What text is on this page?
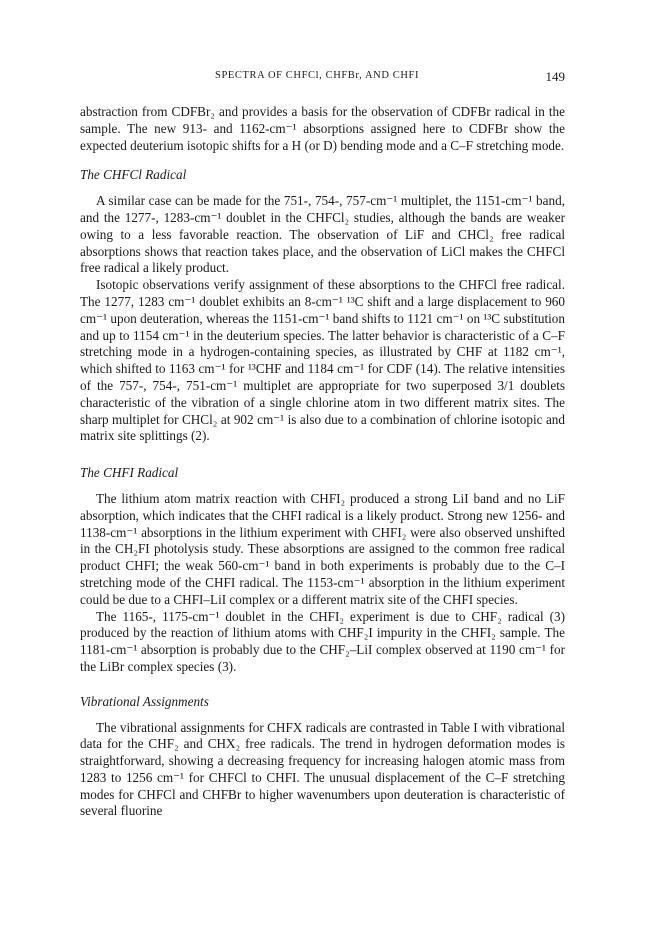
SPECTRA OF CHFCl, CHFBr, AND CHFI	149

abstraction from CDFBr₂ and provides a basis for the observation of CDFBr radical in the sample. The new 913- and 1162-cm⁻¹ absorptions assigned here to CDFBr show the expected deuterium isotopic shifts for a H (or D) bending mode and a C–F stretching mode.

The CHFCl Radical

A similar case can be made for the 751-, 754-, 757-cm⁻¹ multiplet, the 1151-cm⁻¹ band, and the 1277-, 1283-cm⁻¹ doublet in the CHFCl₂ studies, although the bands are weaker owing to a less favorable reaction. The observation of LiF and CHCl₂ free radical absorptions shows that reaction takes place, and the observation of LiCl makes the CHFCl free radical a likely product.

Isotopic observations verify assignment of these absorptions to the CHFCl free radical. The 1277, 1283 cm⁻¹ doublet exhibits an 8-cm⁻¹ ¹³C shift and a large displacement to 960 cm⁻¹ upon deuteration, whereas the 1151-cm⁻¹ band shifts to 1121 cm⁻¹ on ¹³C substitution and up to 1154 cm⁻¹ in the deuterium species. The latter behavior is characteristic of a C–F stretching mode in a hydrogen-containing species, as illustrated by CHF at 1182 cm⁻¹, which shifted to 1163 cm⁻¹ for ¹³CHF and 1184 cm⁻¹ for CDF (14). The relative intensities of the 757-, 754-, 751-cm⁻¹ multiplet are appropriate for two superposed 3/1 doublets characteristic of the vibration of a single chlorine atom in two different matrix sites. The sharp multiplet for CHCl₂ at 902 cm⁻¹ is also due to a combination of chlorine isotopic and matrix site splittings (2).

The CHFI Radical

The lithium atom matrix reaction with CHFI₂ produced a strong LiI band and no LiF absorption, which indicates that the CHFI radical is a likely product. Strong new 1256- and 1138-cm⁻¹ absorptions in the lithium experiment with CHFI₂ were also observed unshifted in the CH₂FI photolysis study. These absorptions are assigned to the common free radical product CHFI; the weak 560-cm⁻¹ band in both experiments is probably due to the C–I stretching mode of the CHFI radical. The 1153-cm⁻¹ absorption in the lithium experiment could be due to a CHFI–LiI complex or a different matrix site of the CHFI species.

The 1165-, 1175-cm⁻¹ doublet in the CHFI₂ experiment is due to CHF₂ radical (3) produced by the reaction of lithium atoms with CHF₂I impurity in the CHFI₂ sample. The 1181-cm⁻¹ absorption is probably due to the CHF₂–LiI complex observed at 1190 cm⁻¹ for the LiBr complex species (3).

Vibrational Assignments

The vibrational assignments for CHFX radicals are contrasted in Table I with vibrational data for the CHF₂ and CHX₂ free radicals. The trend in hydrogen deformation modes is straightforward, showing a decreasing frequency for increasing halogen atomic mass from 1283 to 1256 cm⁻¹ for CHFCl to CHFI. The unusual displacement of the C–F stretching modes for CHFCl and CHFBr to higher wavenumbers upon deuteration is characteristic of several fluorine
